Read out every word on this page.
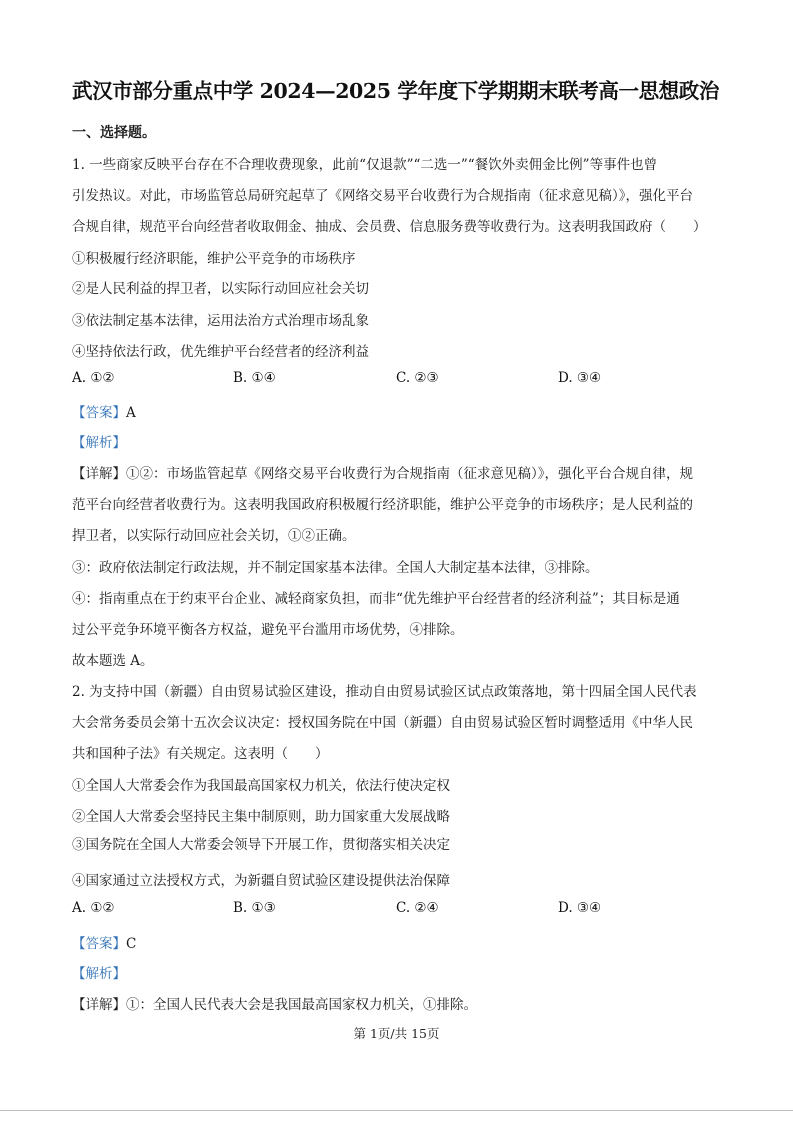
武汉市部分重点中学 2024—2025 学年度下学期期末联考高一思想政治
一、选择题。
1. 一些商家反映平台存在不合理收费现象，此前“仅退款”“二选一”“餐饮外卖佣金比例”等事件也曾
引发热议。对此，市场监管总局研究起草了《网络交易平台收费行为合规指南（征求意见稿）》，强化平台
合规自律，规范平台向经营者收取佣金、抽成、会员费、信息服务费等收费行为。这表明我国政府（　　）
①积极履行经济职能，维护公平竞争的市场秩序
②是人民利益的捍卫者，以实际行动回应社会关切
③依法制定基本法律，运用法治方式治理市场乱象
④坚持依法行政，优先维护平台经营者的经济利益
A. ①②	B. ①④	C. ②③	D. ③④
【答案】A
【解析】
【详解】①②：市场监管起草《网络交易平台收费行为合规指南（征求意见稿）》，强化平台合规自律，规
范平台向经营者收费行为。这表明我国政府积极履行经济职能，维护公平竞争的市场秩序；是人民利益的
捍卫者，以实际行动回应社会关切，①②正确。
③：政府依法制定行政法规，并不制定国家基本法律。全国人大制定基本法律，③排除。
④：指南重点在于约束平台企业、减轻商家负担，而非“优先维护平台经营者的经济利益”；其目标是通
过公平竞争环境平衡各方权益，避免平台滥用市场优势，④排除。
故本题选 A。
2. 为支持中国（新疆）自由贸易试验区建设，推动自由贸易试验区试点政策落地，第十四届全国人民代表
大会常务委员会第十五次会议决定：授权国务院在中国（新疆）自由贸易试验区暂时调整适用《中华人民
共和国种子法》有关规定。这表明（　　）
①全国人大常委会作为我国最高国家权力机关，依法行使决定权
②全国人大常委会坚持民主集中制原则，助力国家重大发展战略
③国务院在全国人大常委会领导下开展工作，贯彻落实相关决定
④国家通过立法授权方式，为新疆自贸试验区建设提供法治保障
A. ①②	B. ①③	C. ②④	D. ③④
【答案】C
【解析】
【详解】①：全国人民代表大会是我国最高国家权力机关，①排除。
第 1页/共 15页
